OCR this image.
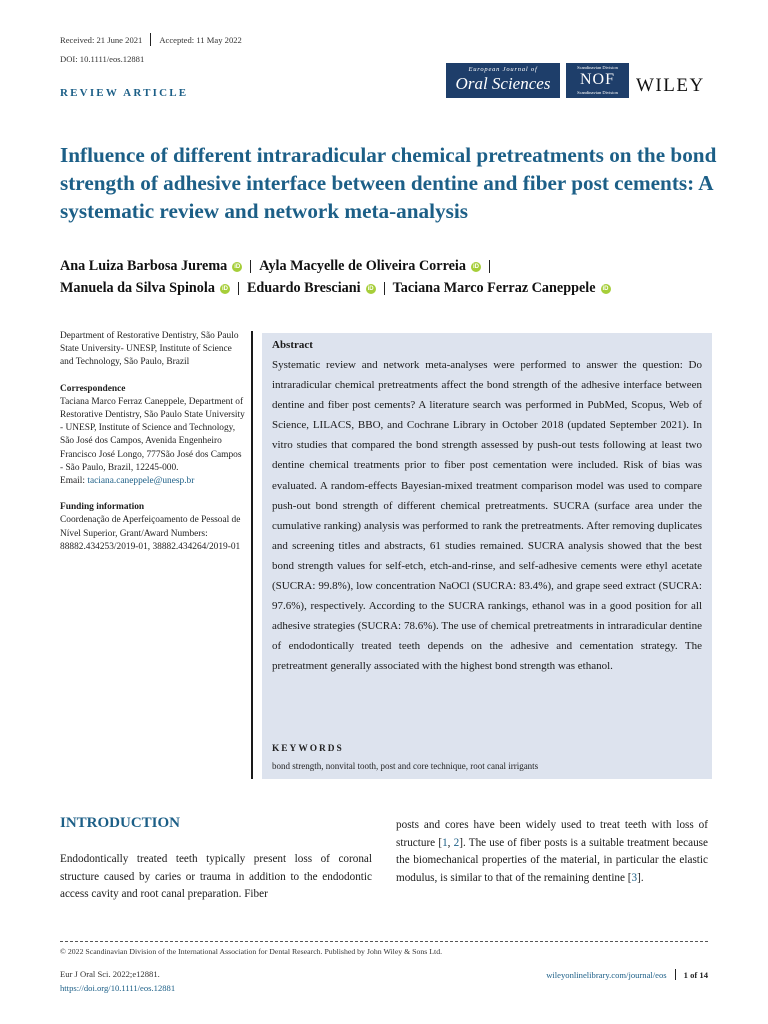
Received: 21 June 2021 Accepted: 11 May 2022
DOI: 10.1111/eos.12881
REVIEW ARTICLE
European Journal of
Oral Sciences
Scandinavian Division
NOF
Scandinavian Division WILEY
Influence of different intraradicular chemical pretreatments on the bond strength of adhesive interface between dentine and fiber post cements: A systematic review and network meta-analysis
Ana Luiza Barbosa Jurema	iD Ayla Macyelle de Oliveira Correia	iD
Manuela da Silva Spinola	iD Eduardo Bresciani	iD Taciana Marco Ferraz Caneppele	iD

Department of Restorative Dentistry, São Paulo State University- UNESP, Institute of Science and Technology, São Paulo, Brazil

Correspondence

Taciana Marco Ferraz Caneppele, Department of Restorative Dentistry, São Paulo State University - UNESP, Institute of Science and Technology, São José dos Campos, Avenida Engenheiro Francisco José Longo, 777São José dos Campos - São Paulo, Brazil, 12245-000.

Email: taciana.caneppele@unesp.br

Funding information

Coordenação de Aperfeiçoamento de Pessoal de Nível Superior, Grant/Award Numbers: 88882.434253/2019-01, 38882.434264/2019-01

Abstract
Systematic review and network meta-analyses were performed to answer the question: Do intraradicular chemical pretreatments affect the bond strength of the adhesive interface between dentine and fiber post cements? A literature search was performed in PubMed, Scopus, Web of Science, LILACS, BBO, and Cochrane Library in October 2018 (updated September 2021). In vitro studies that compared the bond strength assessed by push-out tests following at least two dentine chemical treatments prior to fiber post cementation were included. Risk of bias was evaluated. A random-effects Bayesian-mixed treatment comparison model was used to compare push-out bond strength of different chemical pretreatments. SUCRA (surface area under the cumulative ranking) analysis was performed to rank the pretreatments. After removing duplicates and screening titles and abstracts, 61 studies remained. SUCRA analysis showed that the best bond strength values for self-etch, etch-and-rinse, and self-adhesive cements were ethyl acetate (SUCRA: 99.8%), low concentration NaOCl (SUCRA: 83.4%), and grape seed extract (SUCRA: 97.6%), respectively. According to the SUCRA rankings, ethanol was in a good position for all adhesive strategies (SUCRA: 78.6%). The use of chemical pretreatments in intraradicular dentine of endodontically treated teeth depends on the adhesive and cementation strategy. The pretreatment generally associated with the highest bond strength was ethanol.
KEYWORDS
bond strength, nonvital tooth, post and core technique, root canal irrigants
INTRODUCTION
Endodontically treated teeth typically present loss of coronal structure caused by caries or trauma in addition to the endodontic access cavity and root canal preparation. Fiber
posts and cores have been widely used to treat teeth with loss of structure [1, 2]. The use of fiber posts is a suitable treatment because the biomechanical properties of the material, in particular the elastic modulus, is similar to that of the remaining dentine [3].
© 2022 Scandinavian Division of the International Association for Dental Research. Published by John Wiley & Sons Ltd.
Eur J Oral Sci. 2022;e12881.
https://doi.org/10.1111/eos.12881
wileyonlinelibrary.com/journal/eos 1 of 14
